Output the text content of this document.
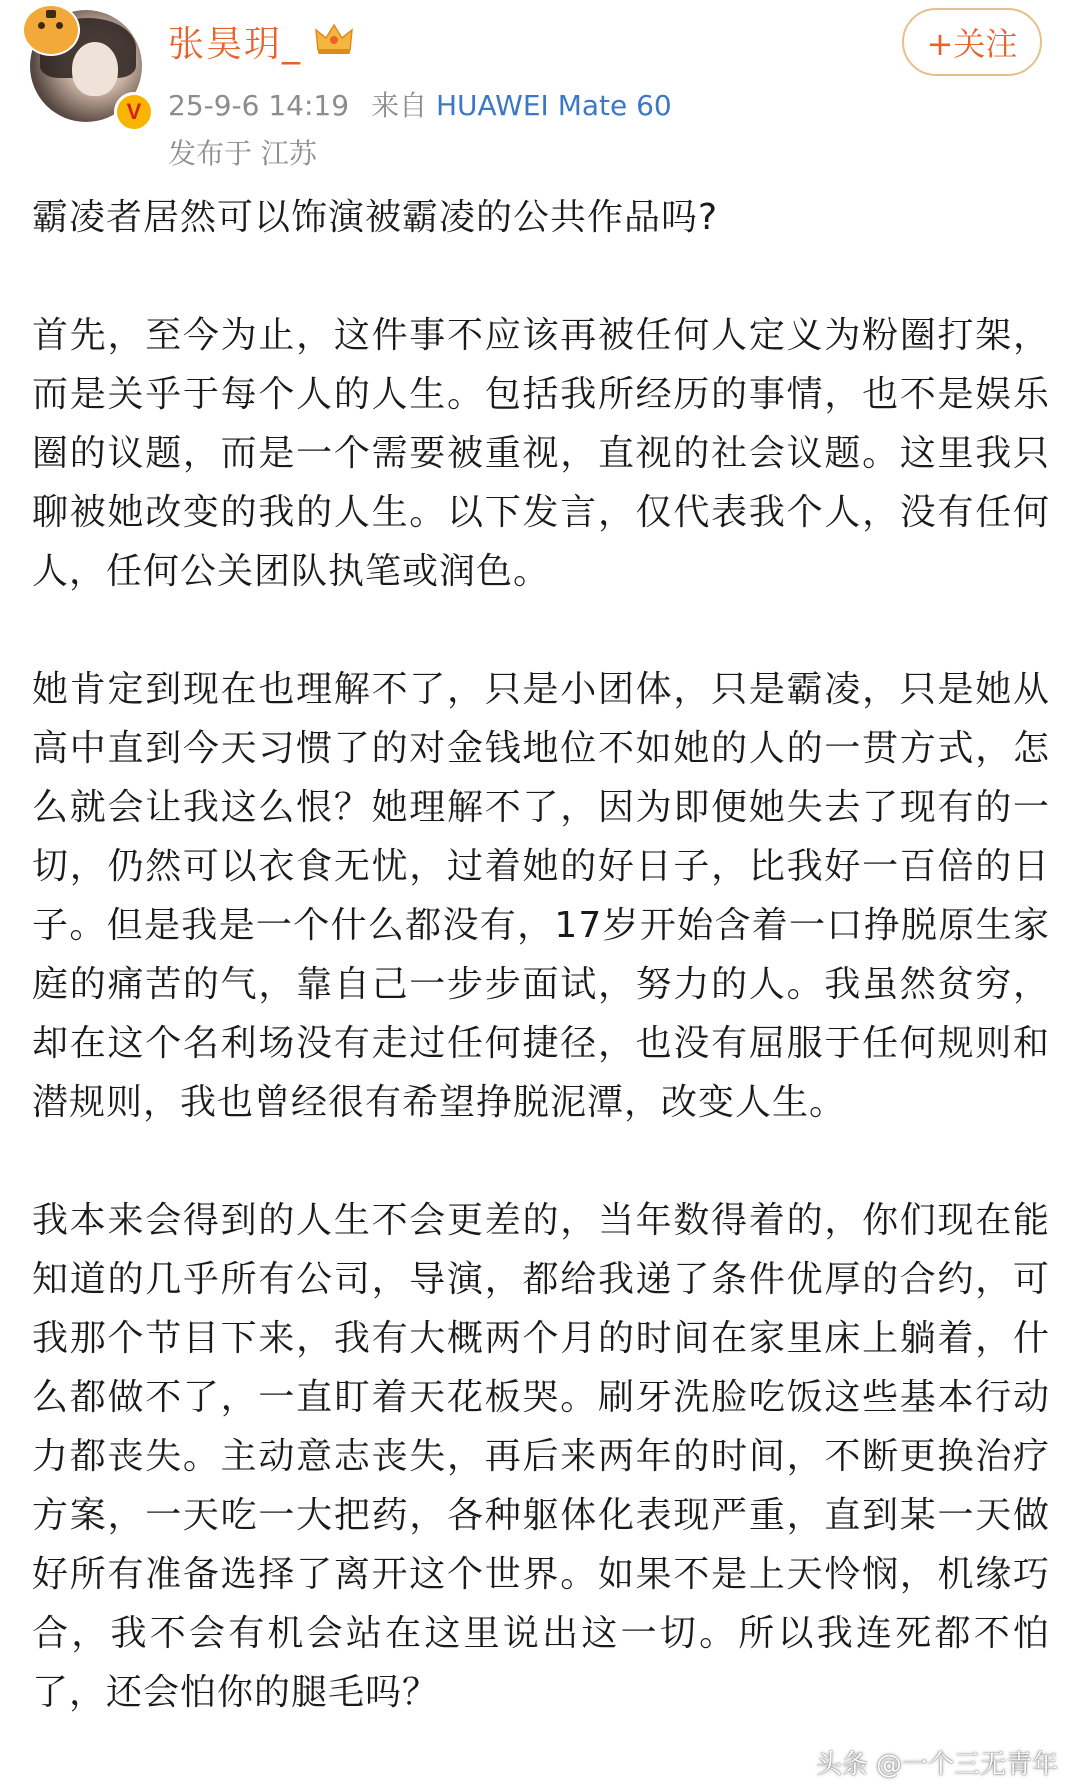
V
张昊玥_
25-9-6 14:19 来自 HUAWEI Mate 60
发布于 江苏
+关注

霸凌者居然可以饰演被霸凌的公共作品吗?

首先，至今为止，这件事不应该再被任何人定义为粉圈打架，而是关乎于每个人的人生。包括我所经历的事情，也不是娱乐圈的议题，而是一个需要被重视，直视的社会议题。这里我只聊被她改变的我的人生。以下发言，仅代表我个人，没有任何人，任何公关团队执笔或润色。

她肯定到现在也理解不了，只是小团体，只是霸凌，只是她从高中直到今天习惯了的对金钱地位不如她的人的一贯方式，怎么就会让我这么恨？她理解不了，因为即便她失去了现有的一切，仍然可以衣食无忧，过着她的好日子，比我好一百倍的日子。但是我是一个什么都没有，17岁开始含着一口挣脱原生家庭的痛苦的气，靠自己一步步面试，努力的人。我虽然贫穷，却在这个名利场没有走过任何捷径，也没有屈服于任何规则和潜规则，我也曾经很有希望挣脱泥潭，改变人生。

我本来会得到的人生不会更差的，当年数得着的，你们现在能知道的几乎所有公司，导演，都给我递了条件优厚的合约，可我那个节目下来，我有大概两个月的时间在家里床上躺着，什么都做不了，一直盯着天花板哭。刷牙洗脸吃饭这些基本行动力都丧失。主动意志丧失，再后来两年的时间，不断更换治疗方案，一天吃一大把药，各种躯体化表现严重，直到某一天做好所有准备选择了离开这个世界。如果不是上天怜悯，机缘巧合，我不会有机会站在这里说出这一切。所以我连死都不怕了，还会怕你的腿毛吗？

头条 @一个三无青年
